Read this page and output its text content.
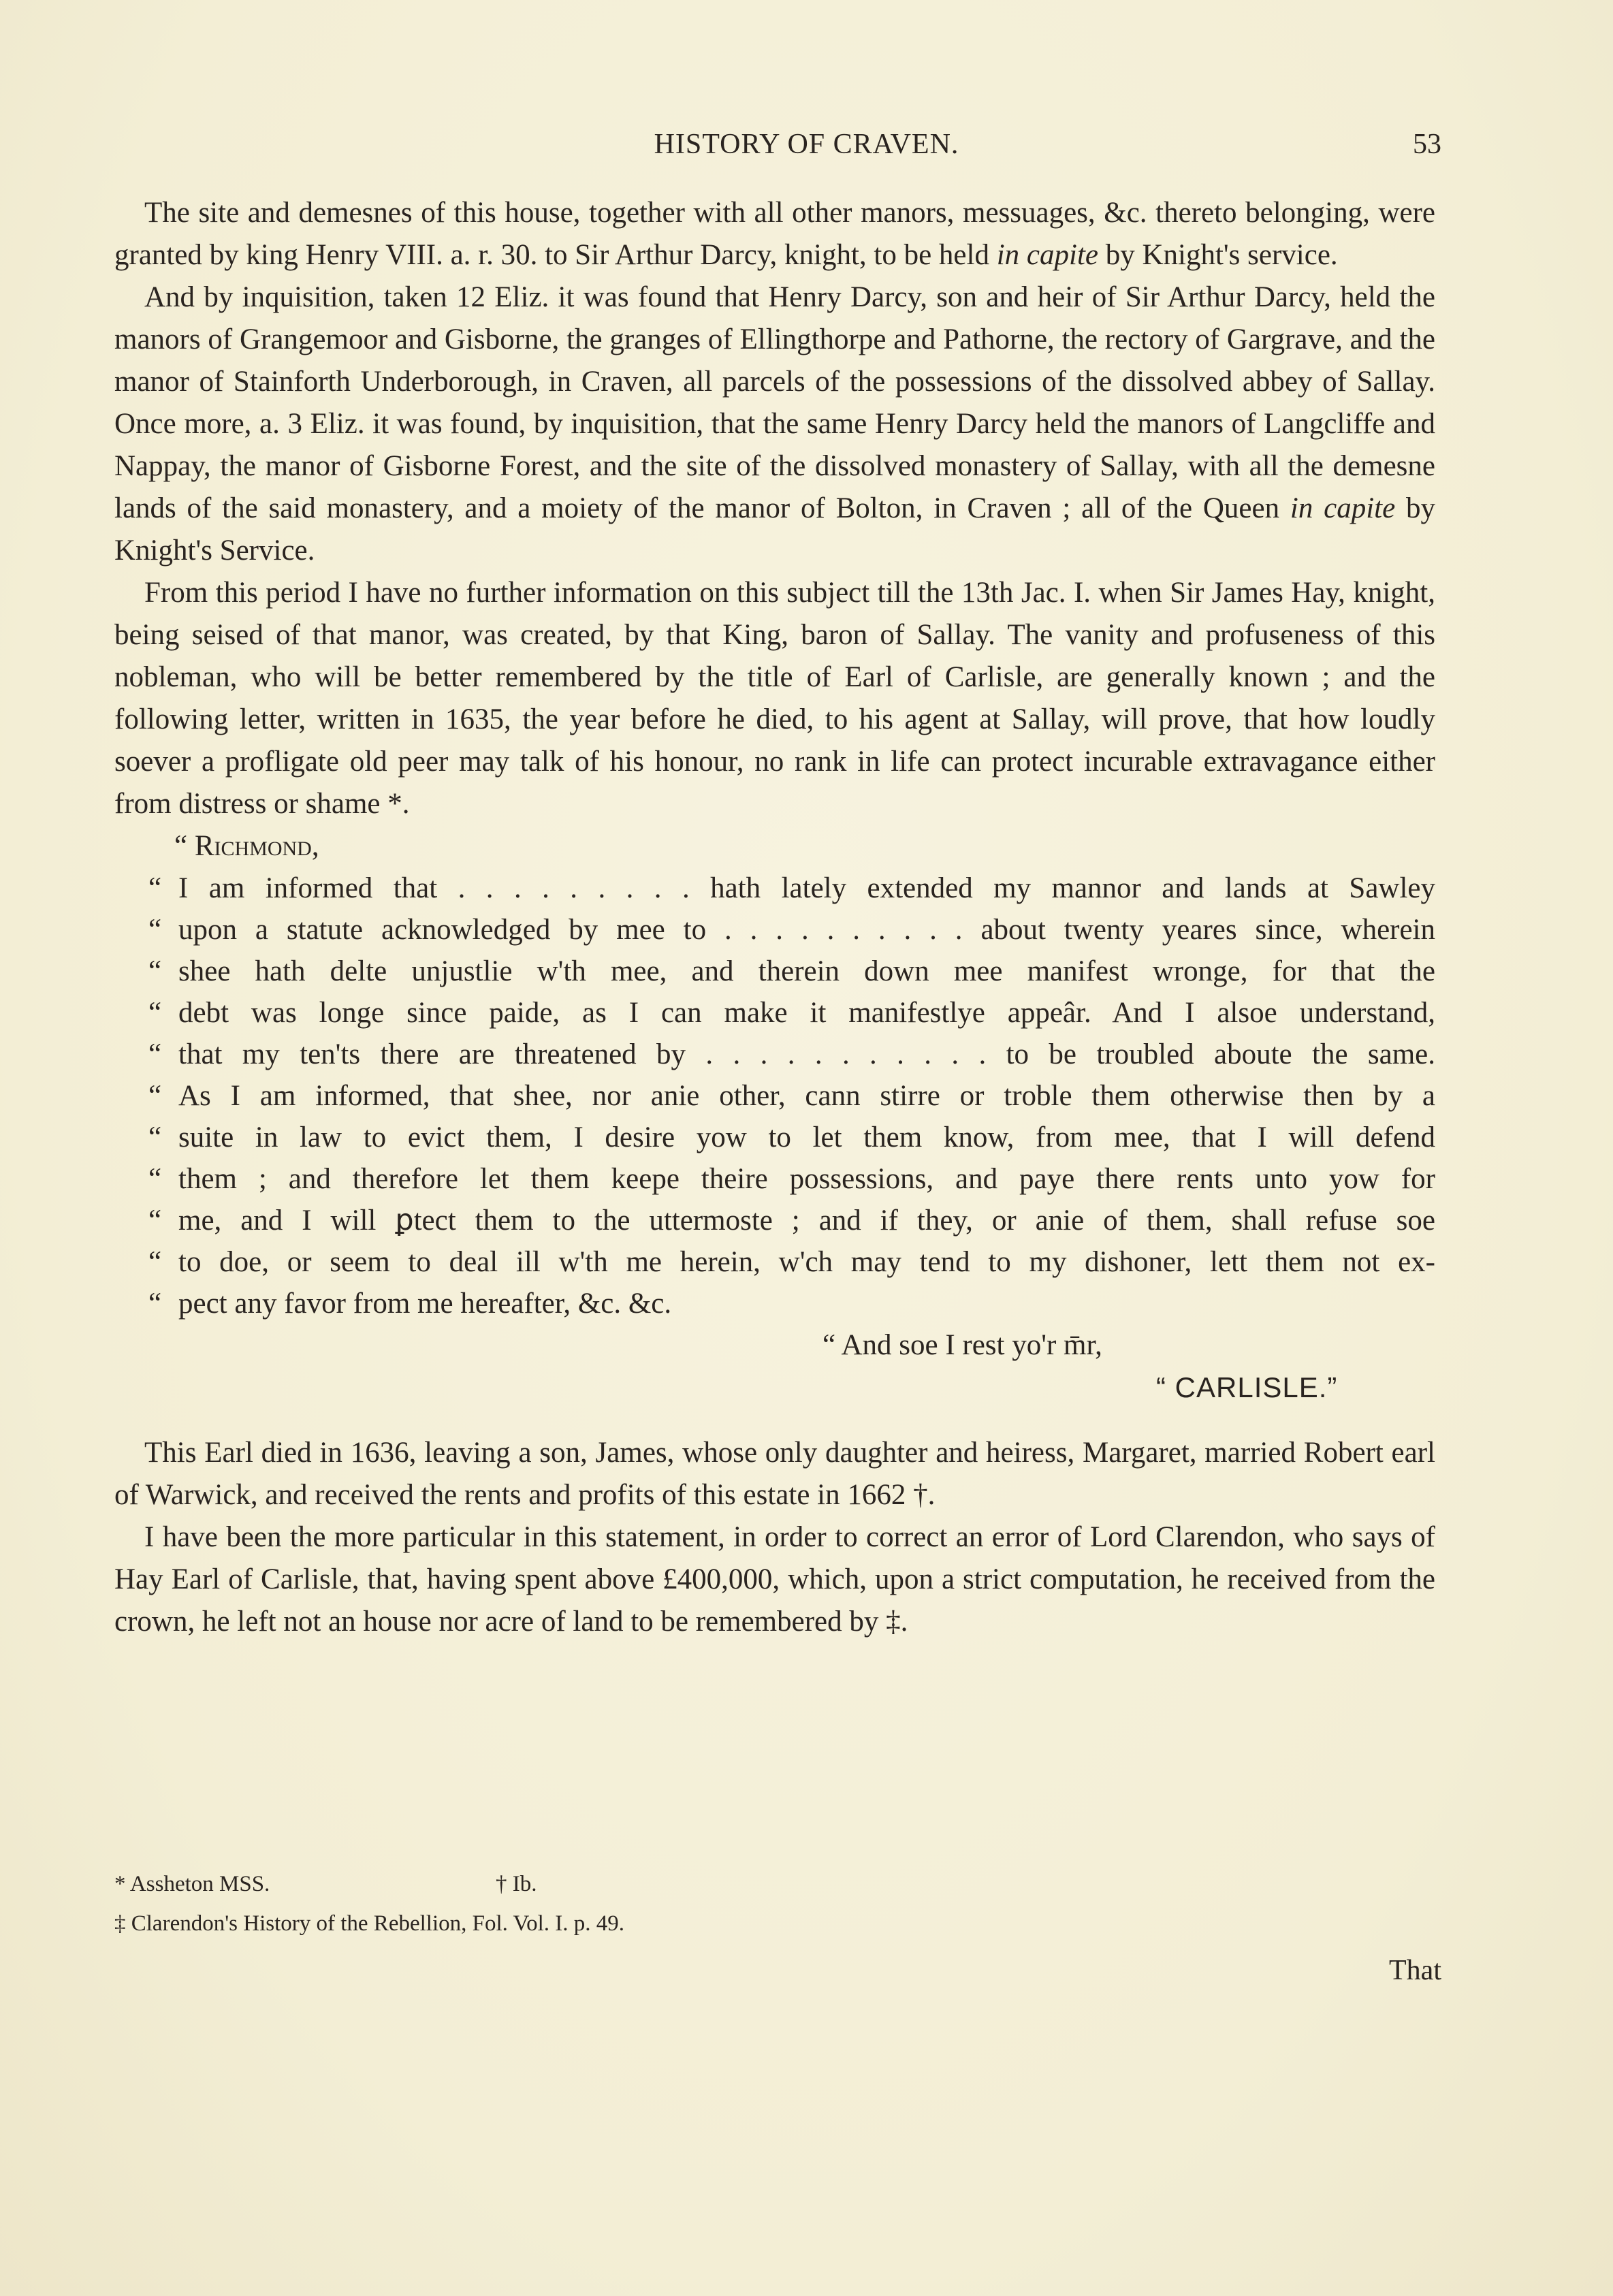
HISTORY OF CRAVEN.	53

The site and demesnes of this house, together with all other manors, messuages, &c. thereto belonging, were granted by king Henry VIII. a. r. 30. to Sir Arthur Darcy, knight, to be held in capite by Knight's service.

And by inquisition, taken 12 Eliz. it was found that Henry Darcy, son and heir of Sir Arthur Darcy, held the manors of Grangemoor and Gisborne, the granges of Ellingthorpe and Pathorne, the rectory of Gargrave, and the manor of Stainforth Underborough, in Craven, all parcels of the possessions of the dissolved abbey of Sallay. Once more, a. 3 Eliz. it was found, by inquisition, that the same Henry Darcy held the manors of Langcliffe and Nappay, the manor of Gisborne Forest, and the site of the dissolved monastery of Sallay, with all the demesne lands of the said monastery, and a moiety of the manor of Bolton, in Craven ; all of the Queen in capite by Knight's Service.

From this period I have no further information on this subject till the 13th Jac. I. when Sir James Hay, knight, being seised of that manor, was created, by that King, baron of Sallay. The vanity and profuseness of this nobleman, who will be better remembered by the title of Earl of Carlisle, are generally known ; and the following letter, written in 1635, the year before he died, to his agent at Sallay, will prove, that how loudly soever a profligate old peer may talk of his honour, no rank in life can protect incurable extravagance either from distress or shame *.

“ Richmond,
“ I am informed that . . . . . . . . . hath lately extended my mannor and lands at Sawley
“ upon a statute acknowledged by mee to . . . . . . . . . . about twenty yeares since, wherein
“ shee hath delte unjustlie w'th mee, and therein down mee manifest wronge, for that the
“ debt was longe since paide, as I can make it manifestlye appeâr. And I alsoe understand,
“ that my ten'ts there are threatened by . . . . . . . . . . . to be troubled aboute the same.
“ As I am informed, that shee, nor anie other, cann stirre or troble them otherwise then by a
“ suite in law to evict them, I desire yow to let them know, from mee, that I will defend
“ them ; and therefore let them keepe theire possessions, and paye there rents unto yow for
“ me, and I will ꝑtect them to the uttermoste ; and if they, or anie of them, shall refuse soe
“ to doe, or seem to deal ill w'th me herein, w'ch may tend to my dishoner, lett them not ex-
“ pect any favor from me hereafter, &c. &c.
“ And soe I rest yo'r m̄r,
“ CARLISLE.”

This Earl died in 1636, leaving a son, James, whose only daughter and heiress, Margaret, married Robert earl of Warwick, and received the rents and profits of this estate in 1662 †.

I have been the more particular in this statement, in order to correct an error of Lord Clarendon, who says of Hay Earl of Carlisle, that, having spent above £400,000, which, upon a strict computation, he received from the crown, he left not an house nor acre of land to be remembered by ‡.

* Assheton MSS.	† Ib.
‡ Clarendon's History of the Rebellion, Fol. Vol. I. p. 49.
That
